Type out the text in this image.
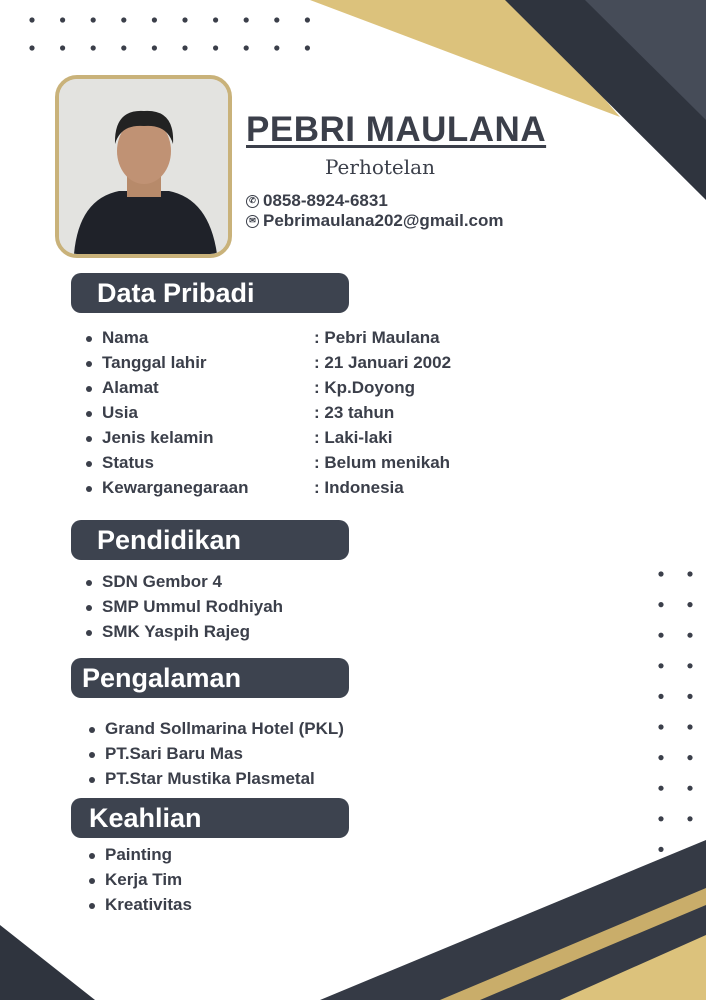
PEBRI MAULANA
Perhotelan
✆ 0858-8924-6831
✉ Pebrimaulana202@gmail.com
Data Pribadi
Nama	: Pebri Maulana
Tanggal lahir	: 21 Januari 2002
Alamat	: Kp.Doyong
Usia	: 23 tahun
Jenis kelamin	: Laki-laki
Status	: Belum menikah
Kewarganegaraan	: Indonesia
Pendidikan
SDN Gembor 4
SMP Ummul Rodhiyah
SMK Yaspih Rajeg
Pengalaman
Grand Sollmarina Hotel (PKL)
PT.Sari Baru Mas
PT.Star Mustika Plasmetal
Keahlian
Painting
Kerja Tim
Kreativitas
